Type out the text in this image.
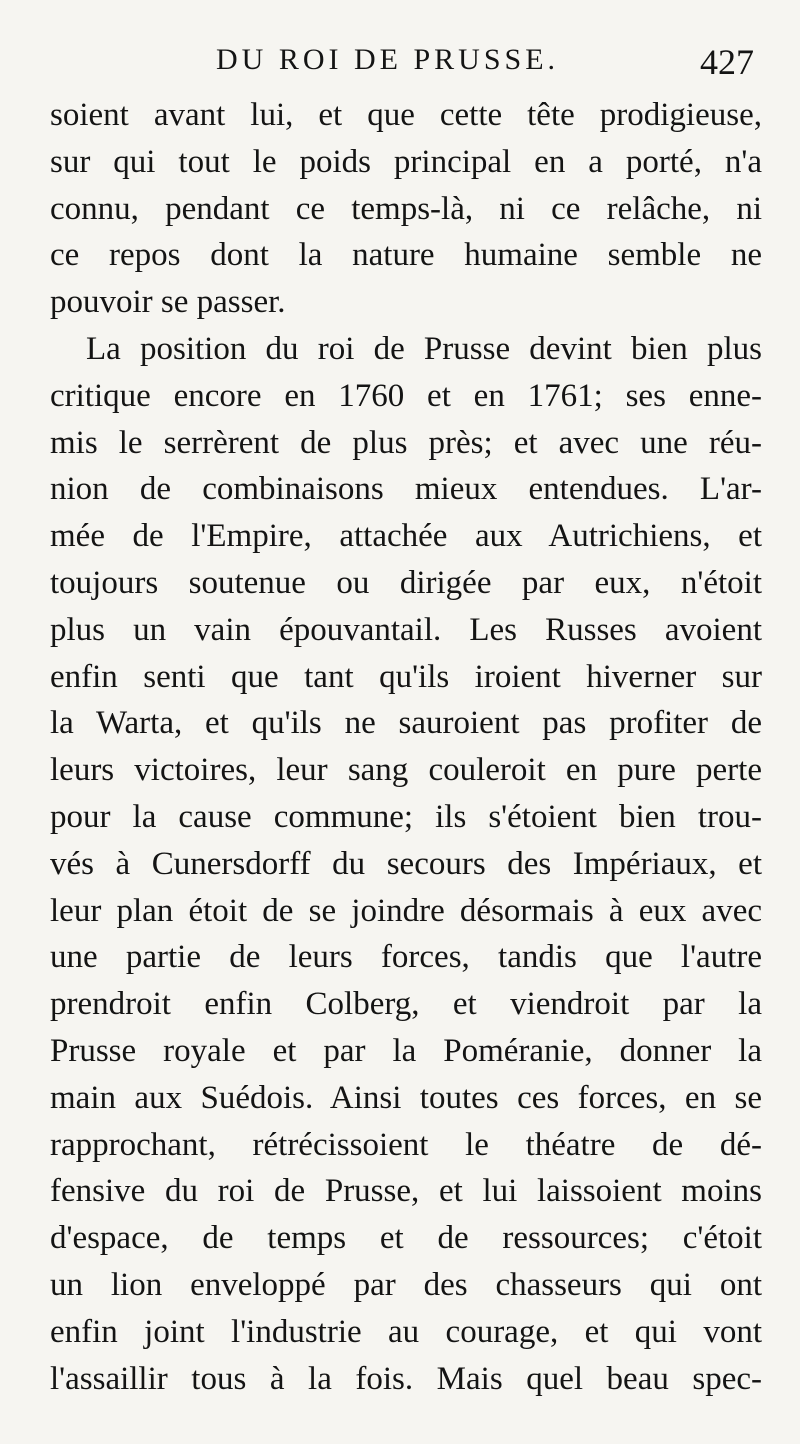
DU ROI DE PRUSSE.	427
soient avant lui, et que cette tête prodigieuse,
sur qui tout le poids principal en a porté, n'a
connu, pendant ce temps-là, ni ce relâche, ni
ce repos dont la nature humaine semble ne
pouvoir se passer.
La position du roi de Prusse devint bien plus
critique encore en 1760 et en 1761; ses enne-
mis le serrèrent de plus près; et avec une réu-
nion de combinaisons mieux entendues. L'ar-
mée de l'Empire, attachée aux Autrichiens, et
toujours soutenue ou dirigée par eux, n'étoit
plus un vain épouvantail. Les Russes avoient
enfin senti que tant qu'ils iroient hiverner sur
la Warta, et qu'ils ne sauroient pas profiter de
leurs victoires, leur sang couleroit en pure perte
pour la cause commune; ils s'étoient bien trou-
vés à Cunersdorff du secours des Impériaux, et
leur plan étoit de se joindre désormais à eux avec
une partie de leurs forces, tandis que l'autre
prendroit enfin Colberg, et viendroit par la
Prusse royale et par la Poméranie, donner la
main aux Suédois. Ainsi toutes ces forces, en se
rapprochant, rétrécissoient le théatre de dé-
fensive du roi de Prusse, et lui laissoient moins
d'espace, de temps et de ressources; c'étoit
un lion enveloppé par des chasseurs qui ont
enfin joint l'industrie au courage, et qui vont
l'assaillir tous à la fois. Mais quel beau spec-
